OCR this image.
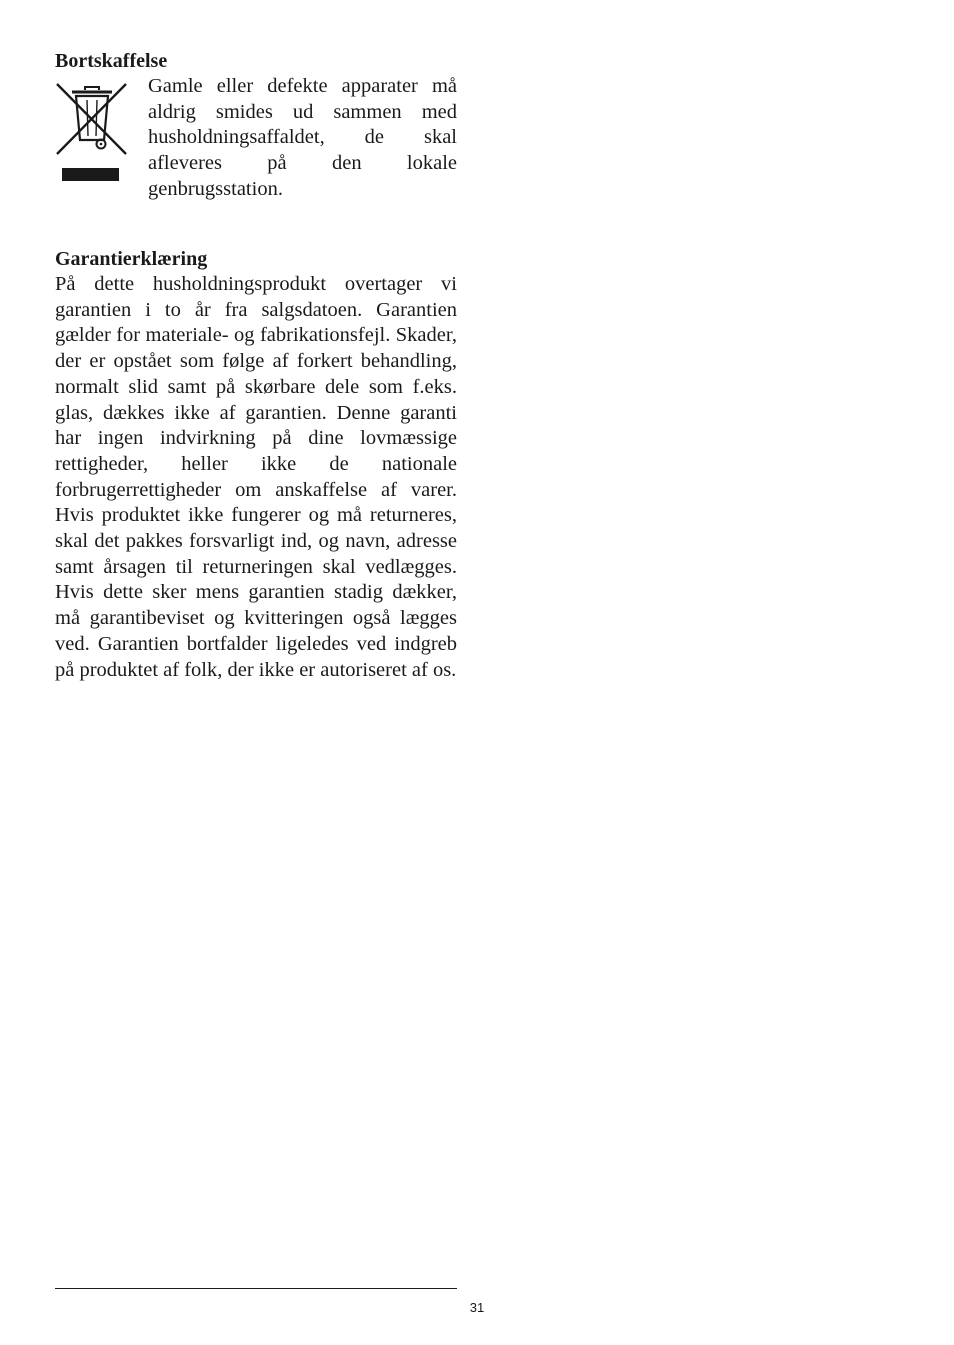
Bortskaffelse

Gamle eller defekte apparater må aldrig smides ud sammen med husholdningsaffaldet, de skal afleveres på den lokale genbrugsstation.

Garantierklæring

På dette husholdningsprodukt overtager vi garantien i to år fra salgsdatoen. Garantien gælder for materiale- og fabrikationsfejl. Skader, der er opstået som følge af forkert behandling, normalt slid samt på skørbare dele som f.eks. glas, dækkes ikke af garantien. Denne garanti har ingen indvirkning på dine lovmæssige rettigheder, heller ikke de nationale forbrugerrettigheder om anskaffelse af varer. Hvis produktet ikke fungerer og må returneres, skal det pakkes forsvarligt ind, og navn, adresse samt årsagen til returneringen skal vedlægges. Hvis dette sker mens garantien stadig dækker, må garantibeviset og kvitteringen også lægges ved. Garantien bortfalder ligeledes ved indgreb på produktet af folk, der ikke er autoriseret af os.

31
